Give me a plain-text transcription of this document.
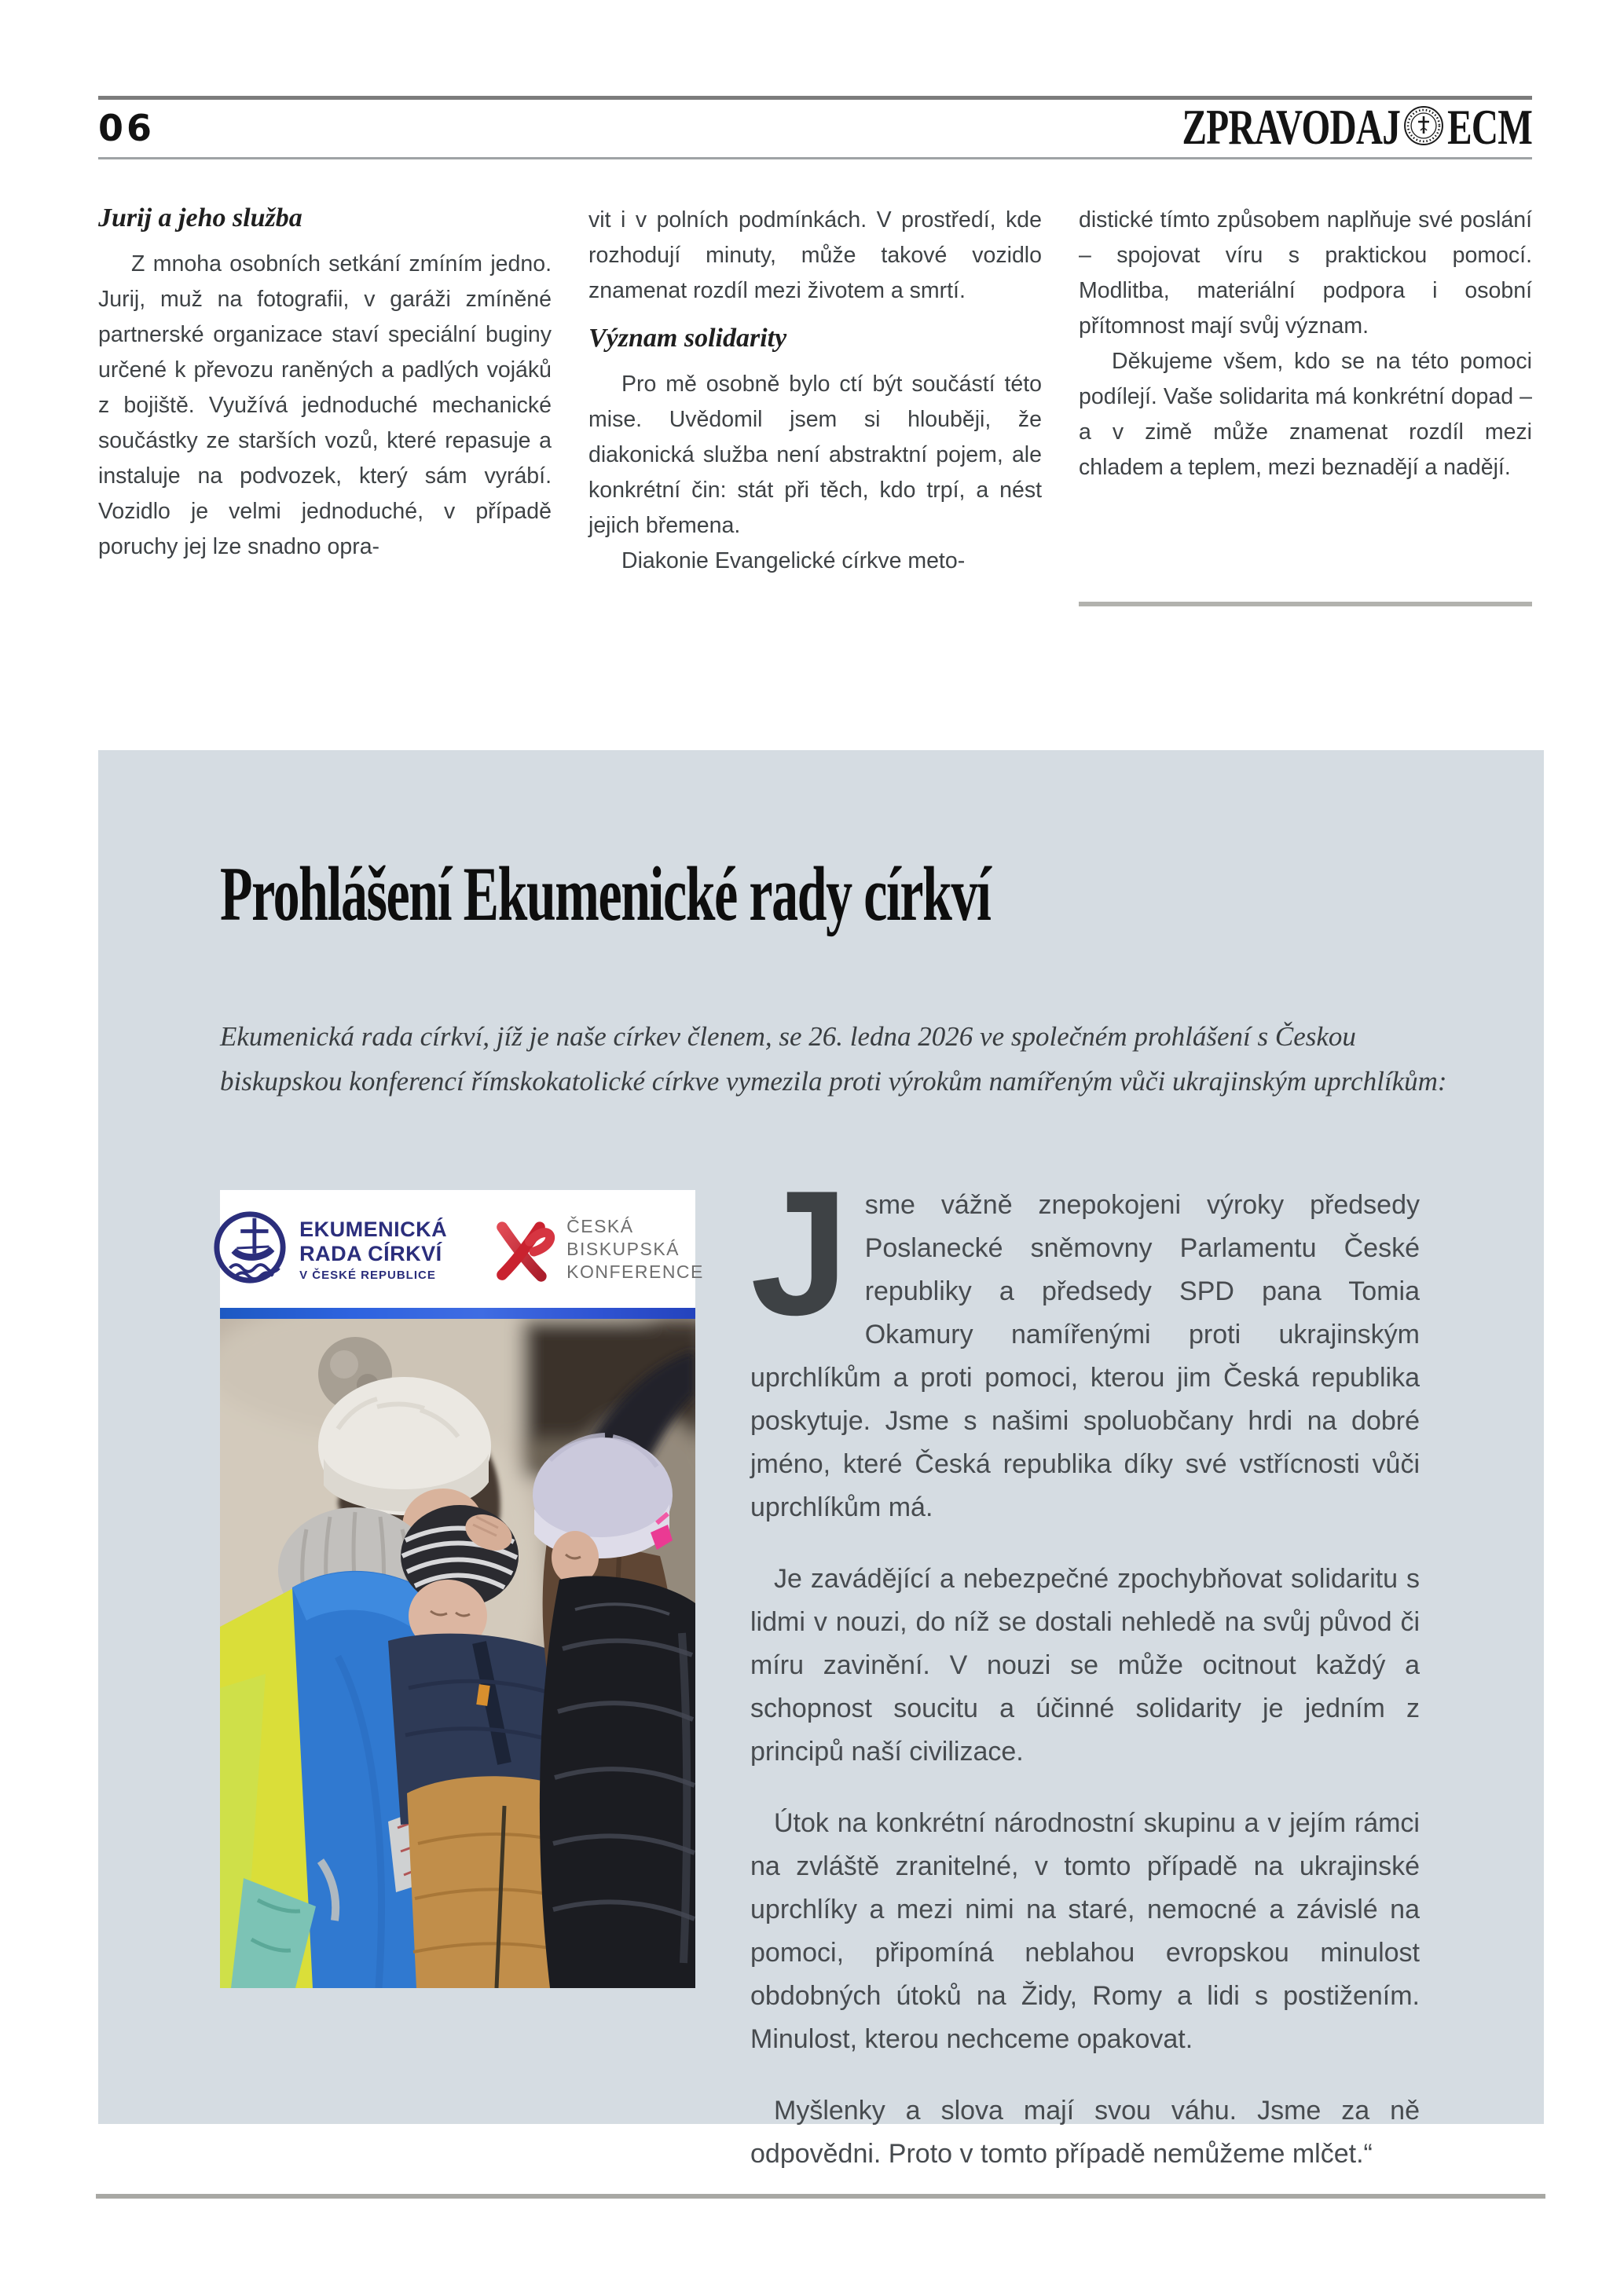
06	ZPRAVODAJ ECM
Jurij a jeho služba

Z mnoha osobních setkání zmíním jedno. Jurij, muž na fotografii, v garáži zmíněné partnerské organizace staví speciální buginy určené k převozu raněných a padlých vojáků z bojiště. Využívá jednoduché mechanické součástky ze starších vozů, které repasuje a instaluje na podvozek, který sám vyrábí. Vozidlo je velmi jednoduché, v případě poruchy jej lze snadno opra-

vit i v polních podmínkách. V prostředí, kde rozhodují minuty, může takové vozidlo znamenat rozdíl mezi životem a smrtí.

Význam solidarity

Pro mě osobně bylo ctí být součástí této mise. Uvědomil jsem si hlouběji, že diakonická služba není abstraktní pojem, ale konkrétní čin: stát při těch, kdo trpí, a nést jejich břemena.

Diakonie Evangelické církve meto-

distické tímto způsobem naplňuje své poslání – spojovat víru s praktickou pomocí. Modlitba, materiální podpora i osobní přítomnost mají svůj význam.

Děkujeme všem, kdo se na této pomoci podílejí. Vaše solidarita má konkrétní dopad – a v zimě může znamenat rozdíl mezi chladem a teplem, mezi beznadějí a nadějí.

Prohlášení Ekumenické rady církví
Ekumenická rada církví, jíž je naše církev členem, se 26. ledna 2026 ve společném prohlášení s Českou biskupskou konferencí římskokatolické církve vymezila proti výrokům namířeným vůči ukrajinským uprchlíkům:
EKUMENICKÁ
RADA CÍRKVÍ
V ČESKÉ REPUBLICE
ČESKÁ
BISKUPSKÁ
KONFERENCE Jsme vážně znepokojeni výroky předsedy Poslanecké sněmovny Parlamentu České republiky a předsedy SPD pana Tomia Okamury namířenými proti ukrajinským uprchlíkům a proti pomoci, kterou jim Česká republika poskytuje. Jsme s našimi spoluobčany hrdi na dobré jméno, které Česká republika díky své vstřícnosti vůči uprchlíkům má.

Je zavádějící a nebezpečné zpochybňovat solidaritu s lidmi v nouzi, do níž se dostali nehledě na svůj původ či míru zavinění. V nouzi se může ocitnout každý a schopnost soucitu a účinné solidarity je jedním z principů naší civilizace.

Útok na konkrétní národnostní skupinu a v jejím rámci na zvláště zranitelné, v tomto případě na ukrajinské uprchlíky a mezi nimi na staré, nemocné a závislé na pomoci, připomíná neblahou evropskou minulost obdobných útoků na Židy, Romy a lidi s postižením. Minulost, kterou nechceme opakovat.

Myšlenky a slova mají svou váhu. Jsme za ně odpovědni. Proto v tomto případě nemůžeme mlčet.“
